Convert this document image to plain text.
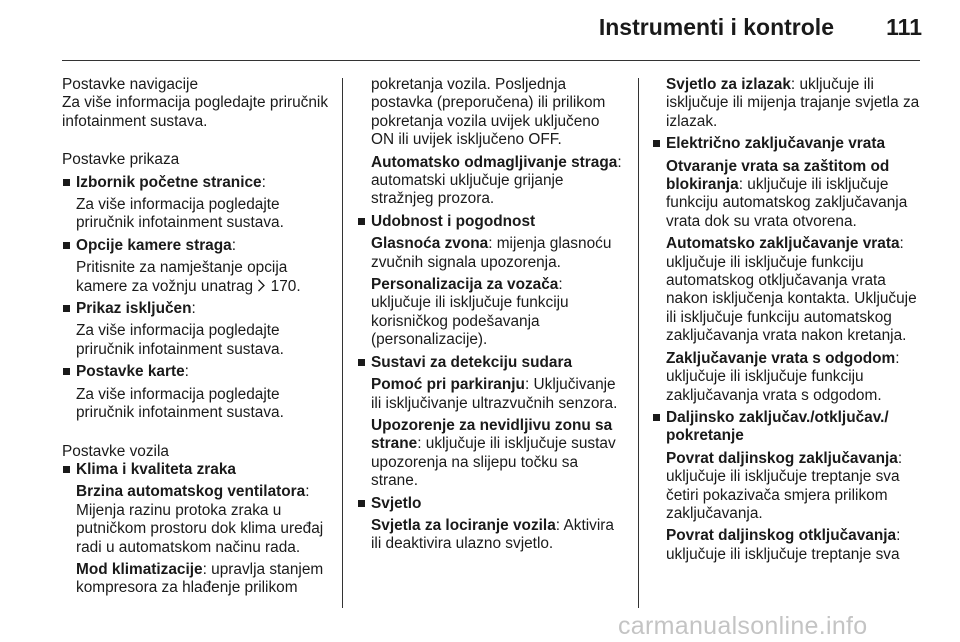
Instrumenti i kontrole 111

Postavke navigacije

Za više informacija pogledajte priručnik infotainment sustava.

Postavke prikaza

Izbornik početne stranice:

Za više informacija pogledajte priručnik infotainment sustava.

Opcije kamere straga:

Pritisnite za namještanje opcija kamere za vožnju unatrag 170.

Prikaz isključen:

Za više informacija pogledajte priručnik infotainment sustava.

Postavke karte:

Za više informacija pogledajte priručnik infotainment sustava.

Postavke vozila

Klima i kvaliteta zraka

Brzina automatskog ventilatora: Mijenja razinu protoka zraka u putničkom prostoru dok klima uređaj radi u automatskom načinu rada.

Mod klimatizacije: upravlja stanjem kompresora za hlađenje prilikom

pokretanja vozila. Posljednja postavka (preporučena) ili prilikom pokretanja vozila uvijek uključeno ON ili uvijek isključeno OFF.

Automatsko odmagljivanje straga: automatski uključuje grijanje stražnjeg prozora.

Udobnost i pogodnost

Glasnoća zvona: mijenja glasnoću zvučnih signala upozorenja.

Personalizacija za vozača: uključuje ili isključuje funkciju korisničkog podešavanja (personalizacije).

Sustavi za detekciju sudara

Pomoć pri parkiranju: Uključivanje ili isključivanje ultrazvučnih senzora.

Upozorenje za nevidljivu zonu sa strane: uključuje ili isključuje sustav upozorenja na slijepu točku sa strane.

Svjetlo

Svjetla za lociranje vozila: Aktivira ili deaktivira ulazno svjetlo.

Svjetlo za izlazak: uključuje ili isključuje ili mijenja trajanje svjetla za izlazak.

Električno zaključavanje vrata

Otvaranje vrata sa zaštitom od blokiranja: uključuje ili isključuje funkciju automatskog zaključavanja vrata dok su vrata otvorena.

Automatsko zaključavanje vrata: uključuje ili isključuje funkciju automatskog otključavanja vrata nakon isključenja kontakta. Uključuje ili isključuje funkciju automatskog zaključavanja vrata nakon kretanja.

Zaključavanje vrata s odgodom: uključuje ili isključuje funkciju zaključavanja vrata s odgodom.

Daljinsko zaključav./otključav./ pokretanje

Povrat daljinskog zaključavanja: uključuje ili isključuje treptanje sva četiri pokazivača smjera prilikom zaključavanja.

Povrat daljinskog otključavanja: uključuje ili isključuje treptanje sva

carmanualsonline.info
